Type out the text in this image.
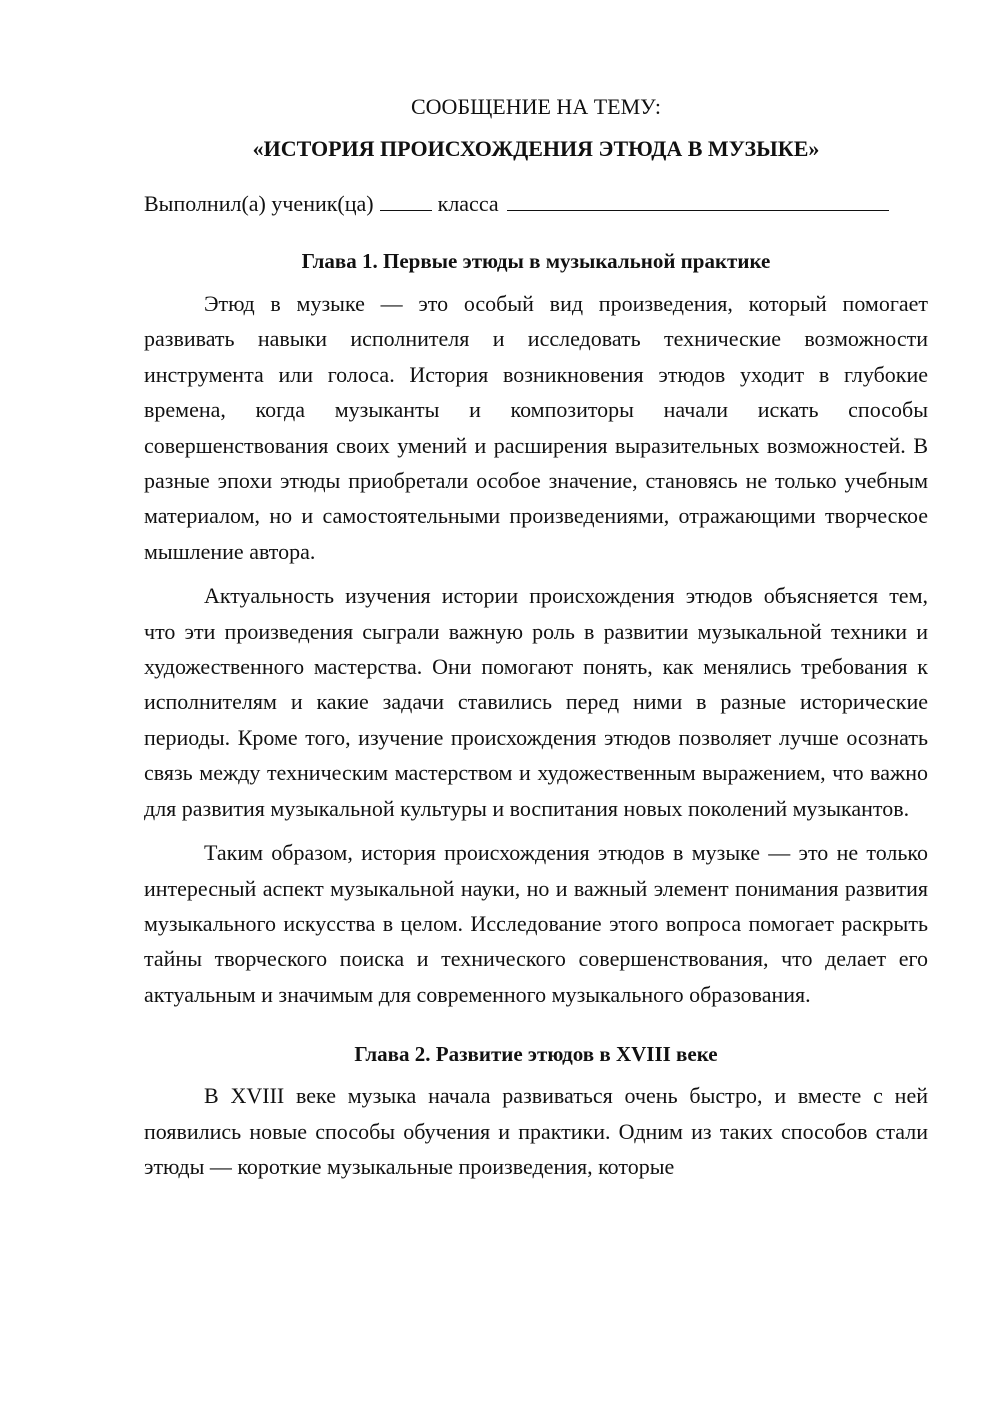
СООБЩЕНИЕ НА ТЕМУ:
«ИСТОРИЯ ПРОИСХОЖДЕНИЯ ЭТЮДА В МУЗЫКЕ»
Выполнил(а) ученик(ца)	класса
Глава 1. Первые этюды в музыкальной практике

Этюд в музыке — это особый вид произведения, который помогает развивать навыки исполнителя и исследовать технические возможности инструмента или голоса. История возникновения этюдов уходит в глубокие времена, когда музыканты и композиторы начали искать способы совершенствования своих умений и расширения выразительных возможностей. В разные эпохи этюды приобретали особое значение, становясь не только учебным материалом, но и самостоятельными произведениями, отражающими творческое мышление автора.

Актуальность изучения истории происхождения этюдов объясняется тем, что эти произведения сыграли важную роль в развитии музыкальной техники и художественного мастерства. Они помогают понять, как менялись требования к исполнителям и какие задачи ставились перед ними в разные исторические периоды. Кроме того, изучение происхождения этюдов позволяет лучше осознать связь между техническим мастерством и художественным выражением, что важно для развития музыкальной культуры и воспитания новых поколений музыкантов.

Таким образом, история происхождения этюдов в музыке — это не только интересный аспект музыкальной науки, но и важный элемент понимания развития музыкального искусства в целом. Исследование этого вопроса помогает раскрыть тайны творческого поиска и технического совершенствования, что делает его актуальным и значимым для современного музыкального образования.

Глава 2. Развитие этюдов в XVIII веке

В XVIII веке музыка начала развиваться очень быстро, и вместе с ней появились новые способы обучения и практики. Одним из таких способов стали этюды — короткие музыкальные произведения, которые
